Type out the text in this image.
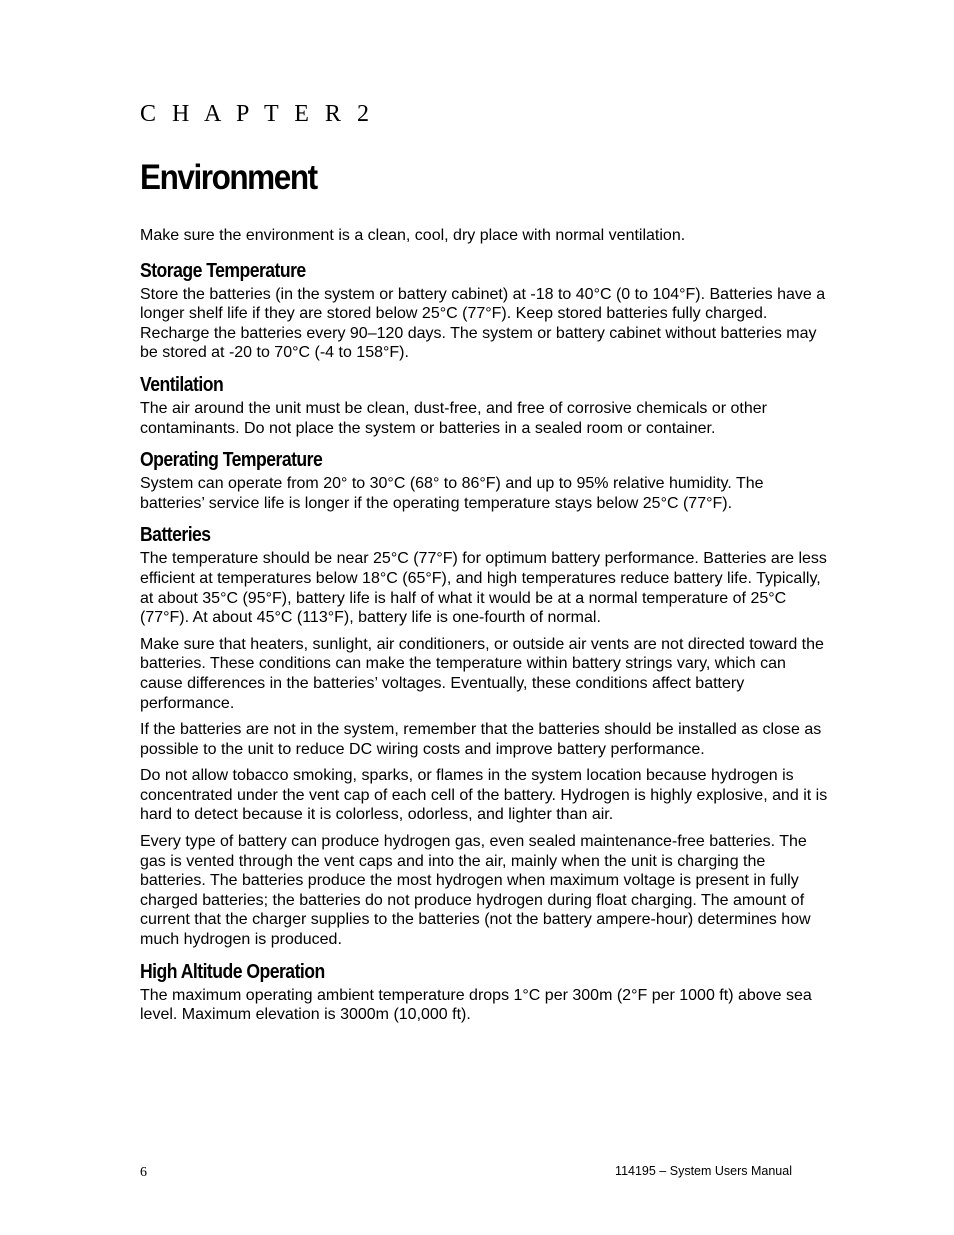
C H A P T E R 2
Environment

Make sure the environment is a clean, cool, dry place with normal ventilation.

Storage Temperature

Store the batteries (in the system or battery cabinet) at -18 to 40°C (0 to 104°F). Batteries have a longer shelf life if they are stored below 25°C (77°F). Keep stored batteries fully charged. Recharge the batteries every 90–120 days. The system or battery cabinet without batteries may be stored at -20 to 70°C (-4 to 158°F).

Ventilation

The air around the unit must be clean, dust-free, and free of corrosive chemicals or other contaminants. Do not place the system or batteries in a sealed room or container.

Operating Temperature

System can operate from 20° to 30°C (68° to 86°F) and up to 95% relative humidity. The batteries’ service life is longer if the operating temperature stays below 25°C (77°F).

Batteries

The temperature should be near 25°C (77°F) for optimum battery performance. Batteries are less efficient at temperatures below 18°C (65°F), and high temperatures reduce battery life. Typically, at about 35°C (95°F), battery life is half of what it would be at a normal temperature of 25°C (77°F). At about 45°C (113°F), battery life is one-fourth of normal.

Make sure that heaters, sunlight, air conditioners, or outside air vents are not directed toward the batteries. These conditions can make the temperature within battery strings vary, which can cause differences in the batteries’ voltages. Eventually, these conditions affect battery performance.

If the batteries are not in the system, remember that the batteries should be installed as close as possible to the unit to reduce DC wiring costs and improve battery performance.

Do not allow tobacco smoking, sparks, or flames in the system location because hydrogen is concentrated under the vent cap of each cell of the battery. Hydrogen is highly explosive, and it is hard to detect because it is colorless, odorless, and lighter than air.

Every type of battery can produce hydrogen gas, even sealed maintenance-free batteries. The gas is vented through the vent caps and into the air, mainly when the unit is charging the batteries. The batteries produce the most hydrogen when maximum voltage is present in fully charged batteries; the batteries do not produce hydrogen during float charging. The amount of current that the charger supplies to the batteries (not the battery ampere-hour) determines how much hydrogen is produced.

High Altitude Operation

The maximum operating ambient temperature drops 1°C per 300m (2°F per 1000 ft) above sea level. Maximum elevation is 3000m (10,000 ft).

6	114195 – System Users Manual
